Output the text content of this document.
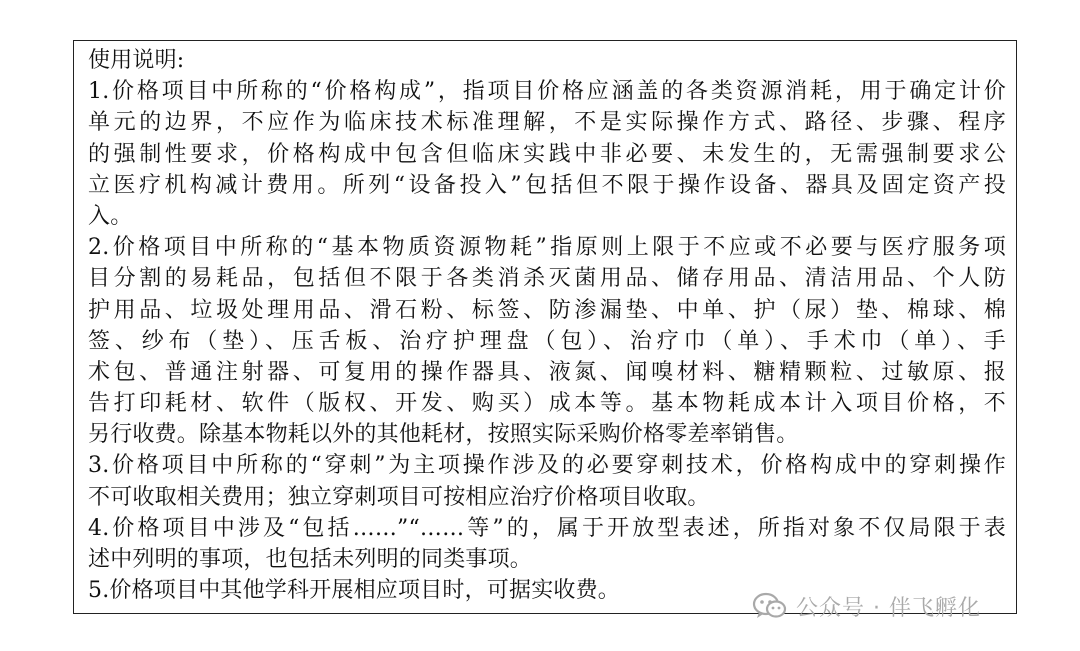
使用说明:
1.价格项目中所称的“价格构成”，指项目价格应涵盖的各类资源消耗，用于确定计价
单元的边界，不应作为临床技术标准理解，不是实际操作方式、路径、步骤、程序
的强制性要求，价格构成中包含但临床实践中非必要、未发生的，无需强制要求公
立医疗机构减计费用。所列“设备投入”包括但不限于操作设备、器具及固定资产投
入。
2.价格项目中所称的“基本物质资源物耗”指原则上限于不应或不必要与医疗服务项
目分割的易耗品，包括但不限于各类消杀灭菌用品、储存用品、清洁用品、个人防
护用品、垃圾处理用品、滑石粉、标签、防渗漏垫、中单、护（尿）垫、棉球、棉
签、纱布（垫）、压舌板、治疗护理盘（包）、治疗巾（单）、手术巾（单）、手
术包、普通注射器、可复用的操作器具、液氮、闻嗅材料、糖精颗粒、过敏原、报
告打印耗材、软件（版权、开发、购买）成本等。基本物耗成本计入项目价格，不
另行收费。除基本物耗以外的其他耗材，按照实际采购价格零差率销售。
3.价格项目中所称的“穿刺”为主项操作涉及的必要穿刺技术，价格构成中的穿刺操作
不可收取相关费用；独立穿刺项目可按相应治疗价格项目收取。
4.价格项目中涉及“包括……”“……等”的，属于开放型表述，所指对象不仅局限于表
述中列明的事项，也包括未列明的同类事项。
5.价格项目中其他学科开展相应项目时，可据实收费。
公众号 · 伴飞孵化
